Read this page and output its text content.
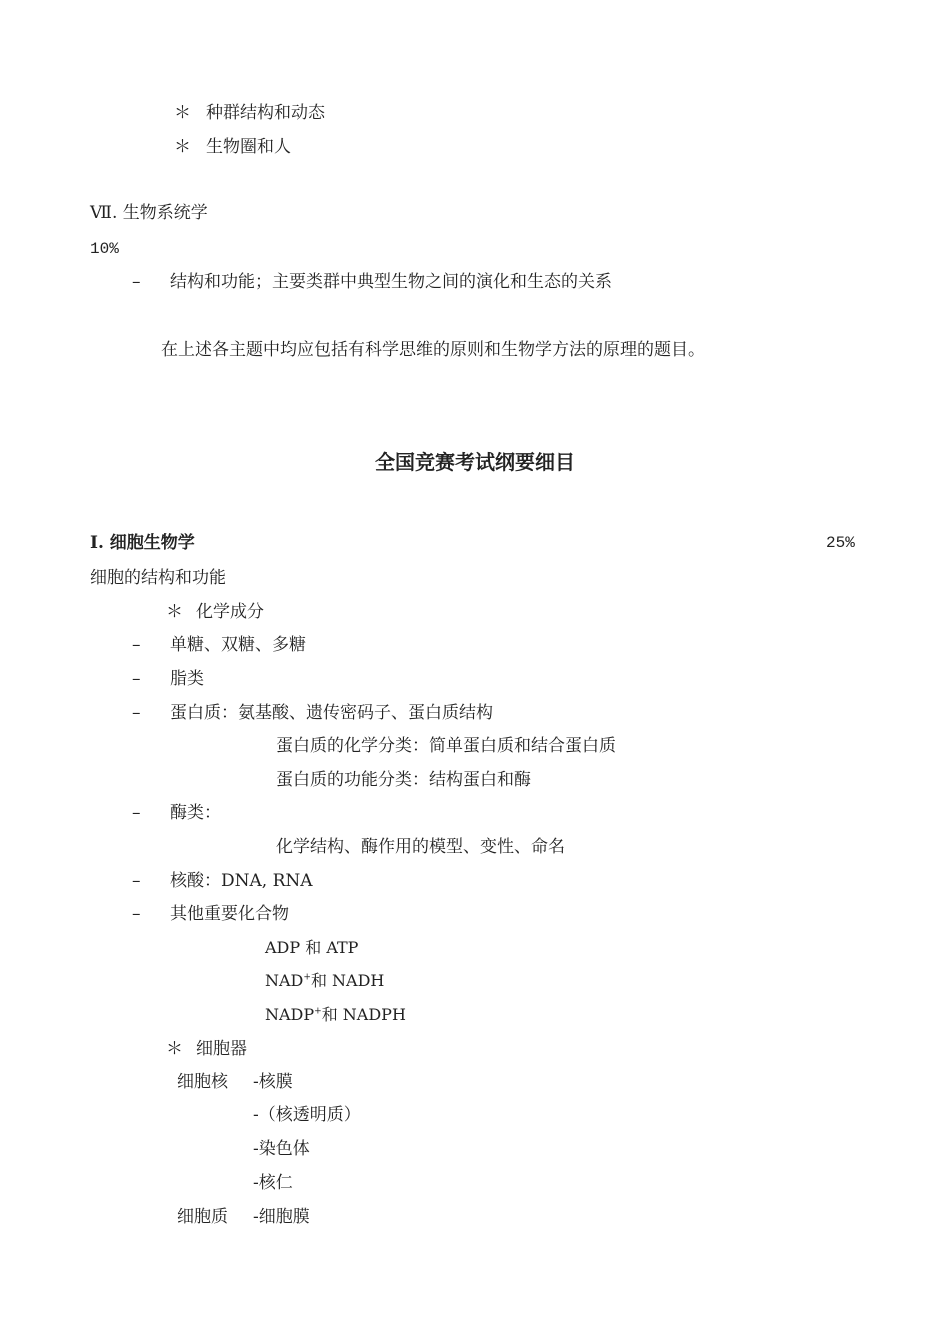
＊ 种群结构和动态
＊ 生物圈和人
Ⅶ. 生物系统学
10%
– 结构和功能；主要类群中典型生物之间的演化和生态的关系
在上述各主题中均应包括有科学思维的原则和生物学方法的原理的题目。
全国竞赛考试纲要细目
I. 细胞生物学	25%
细胞的结构和功能
＊ 化学成分
– 单糖、双糖、多糖
– 脂类
– 蛋白质：氨基酸、遗传密码子、蛋白质结构
蛋白质的化学分类：简单蛋白质和结合蛋白质
蛋白质的功能分类：结构蛋白和酶
– 酶类：
化学结构、酶作用的模型、变性、命名
– 核酸：DNA, RNA
– 其他重要化合物
ADP 和 ATP
NAD+和 NADH
NADP+和 NADPH
＊ 细胞器
细胞核 -核膜
-（核透明质）
-染色体
-核仁
细胞质 -细胞膜
